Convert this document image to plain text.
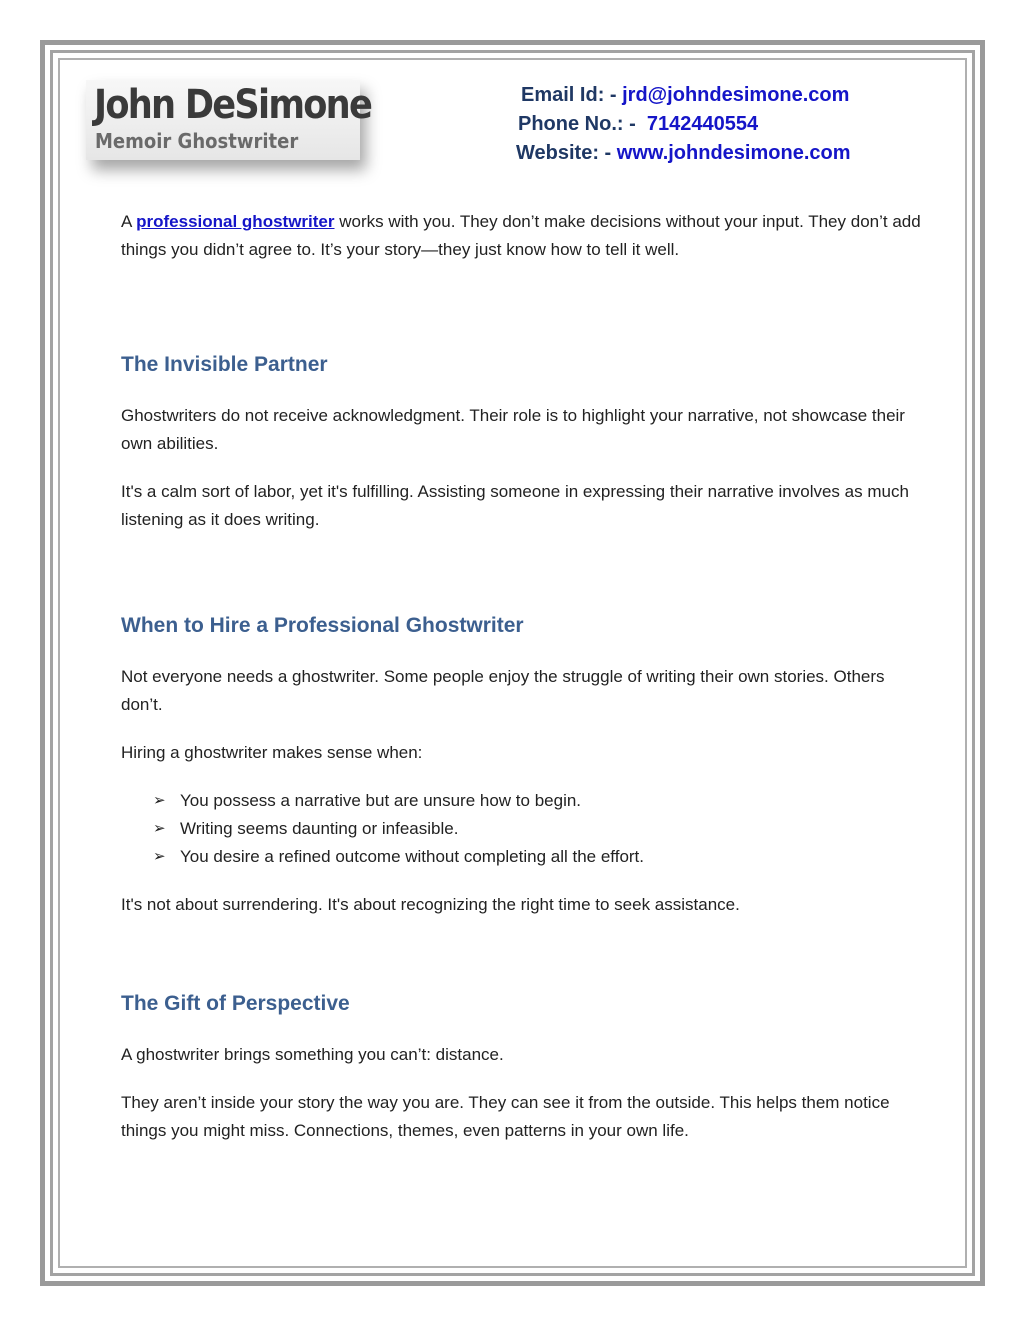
John DeSimone
Memoir Ghostwriter
Email Id: - jrd@johndesimone.com
Phone No.: -  7142440554
Website: - www.johndesimone.com

A professional ghostwriter works with you. They don’t make decisions without your input. They don’t add things you didn’t agree to. It’s your story—they just know how to tell it well.

The Invisible Partner

Ghostwriters do not receive acknowledgment. Their role is to highlight your narrative, not showcase their own abilities.

It's a calm sort of labor, yet it's fulfilling. Assisting someone in expressing their narrative involves as much listening as it does writing.

When to Hire a Professional Ghostwriter

Not everyone needs a ghostwriter. Some people enjoy the struggle of writing their own stories. Others don’t.

Hiring a ghostwriter makes sense when:

➢ You possess a narrative but are unsure how to begin.
➢ Writing seems daunting or infeasible.
➢ You desire a refined outcome without completing all the effort.

It's not about surrendering. It's about recognizing the right time to seek assistance.

The Gift of Perspective

A ghostwriter brings something you can’t: distance.

They aren’t inside your story the way you are. They can see it from the outside. This helps them notice things you might miss. Connections, themes, even patterns in your own life.
